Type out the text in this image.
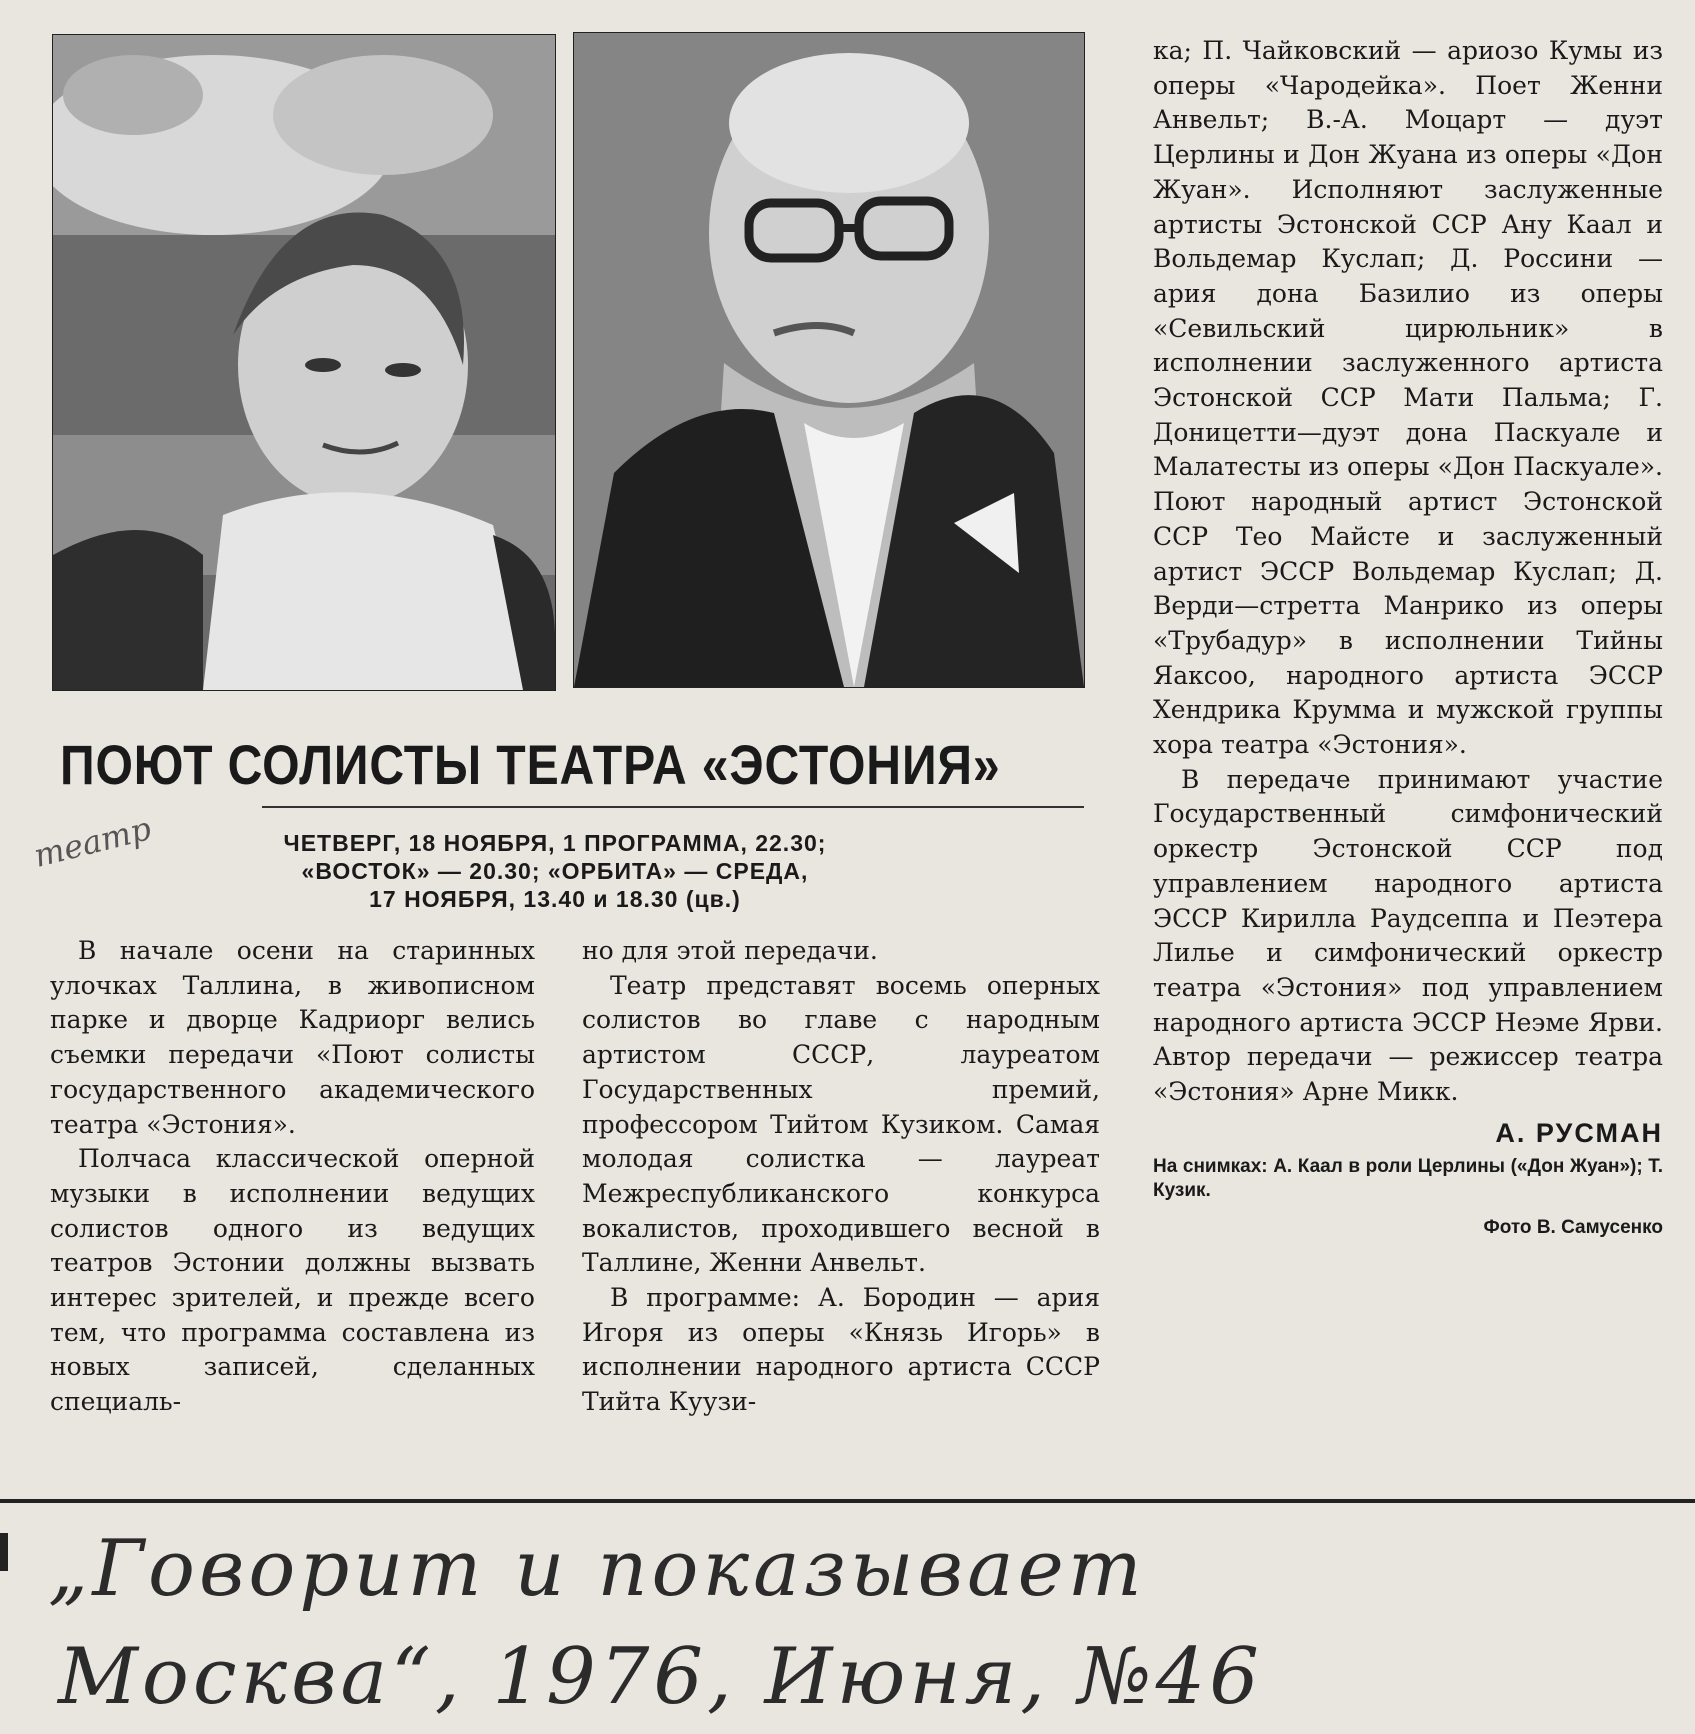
ПОЮТ СОЛИСТЫ ТЕАТРА «ЭСТОНИЯ»
театр	ЧЕТВЕРГ, 18 НОЯБРЯ, 1 ПРОГРАММА, 22.30;
«ВОСТОК» — 20.30; «ОРБИТА» — СРЕДА,
17 НОЯБРЯ, 13.40 и 18.30 (цв.)

В начале осени на старинных улочках Таллина, в живописном парке и дворце Кадриорг велись съемки передачи «Поют солисты государственного академического театра «Эстония».

Полчаса классической оперной музыки в исполнении ведущих солистов одного из ведущих театров Эстонии должны вызвать интерес зрителей, и прежде всего тем, что программа составлена из новых записей, сделанных специаль-

но для этой передачи.

Театр представят восемь оперных солистов во главе с народным артистом СССР, лауреатом Государственных премий, профессором Тийтом Кузиком. Самая молодая солистка — лауреат Межреспубликанского конкурса вокалистов, проходившего весной в Таллине, Женни Анвельт.

В программе: А. Бородин — ария Игоря из оперы «Князь Игорь» в исполнении народного артиста СССР Тийта Куузи-

ка; П. Чайковский — ариозо Кумы из оперы «Чародейка». Поет Женни Анвельт; В.-А. Моцарт — дуэт Церлины и Дон Жуана из оперы «Дон Жуан». Исполняют заслуженные артисты Эстонской ССР Ану Каал и Вольдемар Куслап; Д. Россини — ария дона Базилио из оперы «Севильский цирюльник» в исполнении заслуженного артиста Эстонской ССР Мати Пальма; Г. Доницетти—дуэт дона Паскуале и Малатесты из оперы «Дон Паскуале». Поют народный артист Эстонской ССР Тео Майсте и заслуженный артист ЭССР Вольдемар Куслап; Д. Верди—стретта Манрико из оперы «Трубадур» в исполнении Тийны Яаксоо, народного артиста ЭССР Хендрика Крумма и мужской группы хора театра «Эстония».

В передаче принимают участие Государственный симфонический оркестр Эстонской ССР под управлением народного артиста ЭССР Кирилла Раудсеппа и Пеэтера Лилье и симфонический оркестр театра «Эстония» под управлением народного артиста ЭССР Неэме Ярви. Автор передачи — режиссер театра «Эстония» Арне Микк.

А. РУСМАН
На снимках: А. Каал в роли Церлины («Дон Жуан»); Т. Кузик.
Фото В. Самусенко
„Говорит и показывает
Москва“, 1976, Июня, №46
